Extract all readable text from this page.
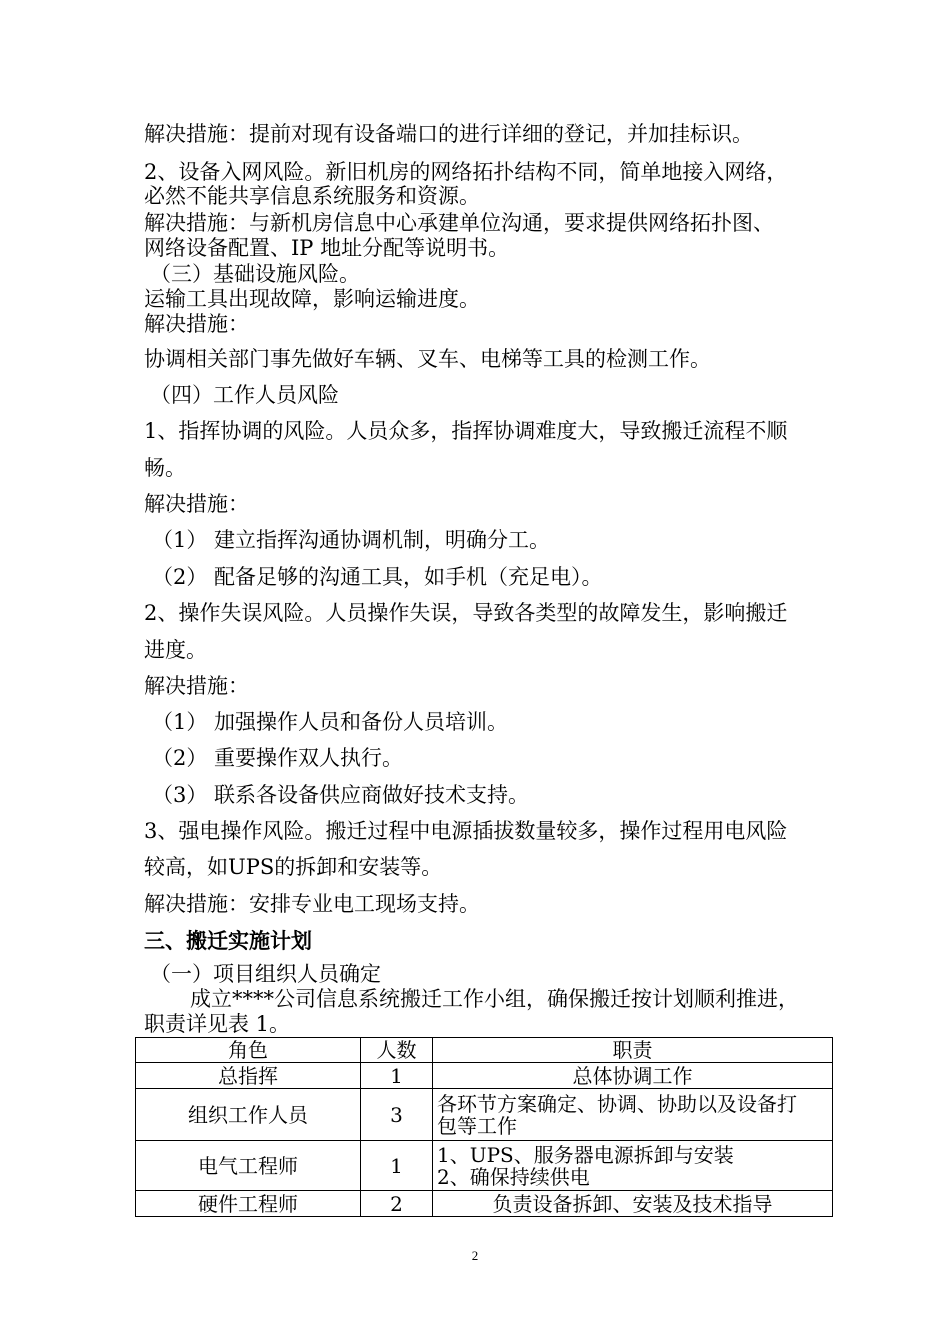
解决措施：提前对现有设备端口的进行详细的登记，并加挂标识。
2、设备入网风险。新旧机房的网络拓扑结构不同，简单地接入网络，
必然不能共享信息系统服务和资源。
解决措施：与新机房信息中心承建单位沟通，要求提供网络拓扑图、
网络设备配置、IP 地址分配等说明书。
（三）基础设施风险。
运输工具出现故障，影响运输进度。
解决措施：
协调相关部门事先做好车辆、叉车、电梯等工具的检测工作。
（四）工作人员风险
1、指挥协调的风险。人员众多，指挥协调难度大，导致搬迁流程不顺
畅。
解决措施：
（1） 建立指挥沟通协调机制，明确分工。
（2） 配备足够的沟通工具，如手机（充足电）。
2、操作失误风险。人员操作失误，导致各类型的故障发生，影响搬迁
进度。
解决措施：
（1） 加强操作人员和备份人员培训。
（2） 重要操作双人执行。
（3） 联系各设备供应商做好技术支持。
3、强电操作风险。搬迁过程中电源插拔数量较多，操作过程用电风险
较高，如UPS的拆卸和安装等。
解决措施：安排专业电工现场支持。
三、搬迁实施计划
（一）项目组织人员确定
成立****公司信息系统搬迁工作小组，确保搬迁按计划顺利推进，
职责详见表 1。
角色	人数	职责
总指挥	1	总体协调工作
组织工作人员	3	各环节方案确定、协调、协助以及设备打
包等工作

电气工程师	1	1、UPS、服务器电源拆卸与安装
2、确保持续供电

硬件工程师	2	负责设备拆卸、安装及技术指导
2
